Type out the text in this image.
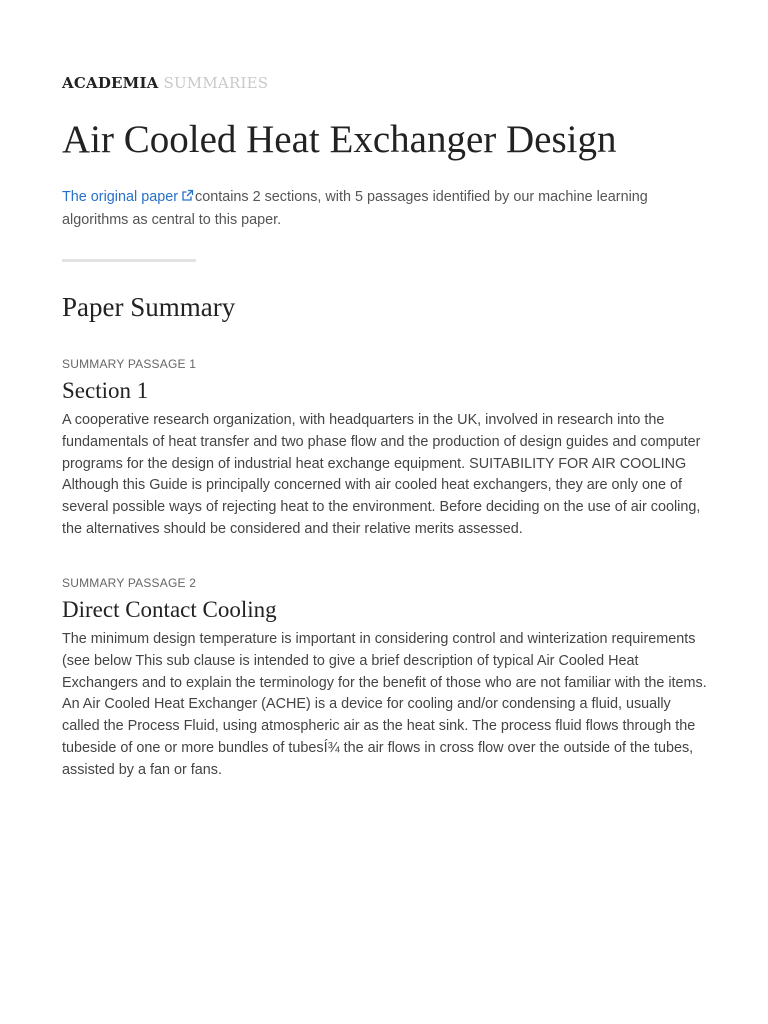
ACADEMIA SUMMARIES
Air Cooled Heat Exchanger Design

The original paper contains 2 sections, with 5 passages identified by our machine learning algorithms as central to this paper.

Paper Summary
SUMMARY PASSAGE 1
Section 1

A cooperative research organization, with headquarters in the UK, involved in research into the fundamentals of heat transfer and two phase flow and the production of design guides and computer programs for the design of industrial heat exchange equipment. SUITABILITY FOR AIR COOLING Although this Guide is principally concerned with air cooled heat exchangers, they are only one of several possible ways of rejecting heat to the environment. Before deciding on the use of air cooling, the alternatives should be considered and their relative merits assessed.

SUMMARY PASSAGE 2
Direct Contact Cooling

The minimum design temperature is important in considering control and winterization requirements (see below This sub clause is intended to give a brief description of typical Air Cooled Heat Exchangers and to explain the terminology for the benefit of those who are not familiar with the items. An Air Cooled Heat Exchanger (ACHE) is a device for cooling and/or condensing a fluid, usually called the Process Fluid, using atmospheric air as the heat sink. The process fluid flows through the tubeside of one or more bundles of tubesÍ¾ the air flows in cross flow over the outside of the tubes, assisted by a fan or fans.
